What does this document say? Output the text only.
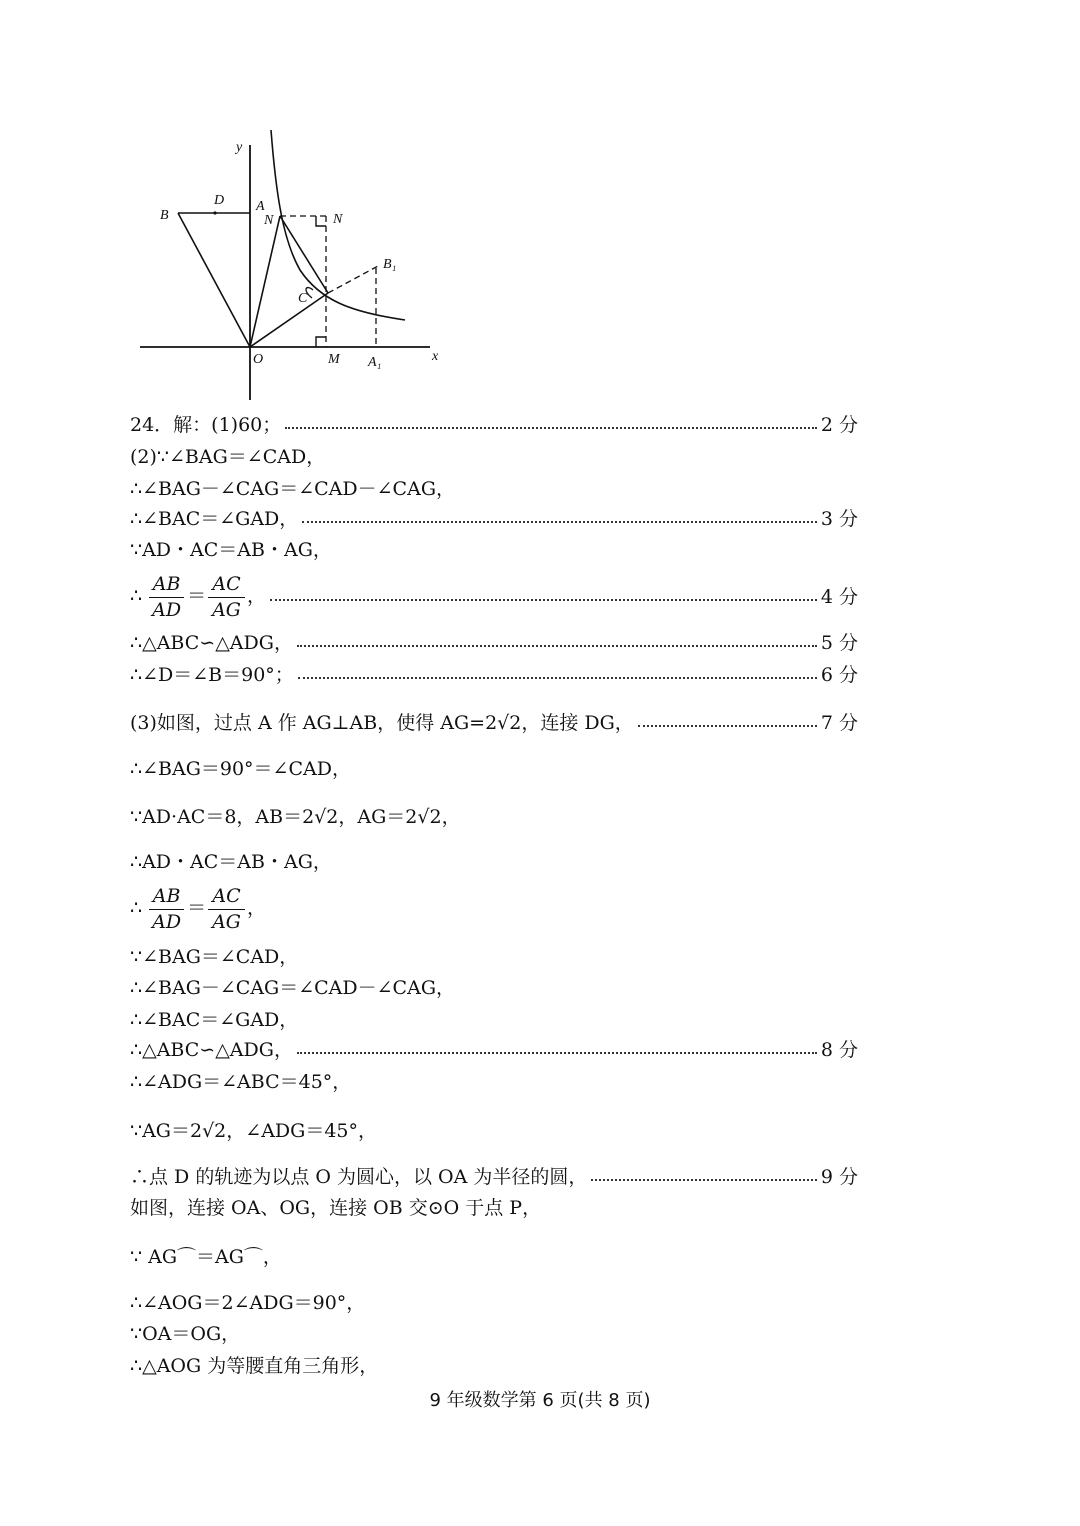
y
B
D A
N	N
B₁
C
O	M A₁	x
24．解：(1)60；	2 分
(2)∵∠BAG＝∠CAD，
∴∠BAG－∠CAG＝∠CAD－∠CAG，
∴∠BAC＝∠GAD，	3 分
∵AD・AC＝AB・AG，
∴ $\frac{AB}{AD} = \frac{AC}{AG}$ ，	4 分
∴△ABC∽△ADG，	5 分
∴∠D＝∠B＝90°；	6 分
(3)如图，过点 A 作 AG⊥AB，使得 AG=2√2，连接 DG，	7 分
∴∠BAG＝90°＝∠CAD，
∵AD·AC＝8，AB＝2√2，AG＝2√2，
∴AD・AC＝AB・AG，
∴ $\frac{AB}{AD} = \frac{AC}{AG}$ ，
∵∠BAG＝∠CAD，
∴∠BAG－∠CAG＝∠CAD－∠CAG，
∴∠BAC＝∠GAD，
∴△ABC∽△ADG，	8 分
∴∠ADG＝∠ABC＝45°，
∵AG＝2√2，∠ADG＝45°，
∴点 D 的轨迹为以点 O 为圆心，以 OA 为半径的圆，	9 分
如图，连接 OA、OG，连接 OB 交⊙O 于点 P，
∵ AG⌒＝AG⌒，
∴∠AOG＝2∠ADG＝90°，
∵OA＝OG，
∴△AOG 为等腰直角三角形，
9 年级数学第 6 页(共 8 页)
